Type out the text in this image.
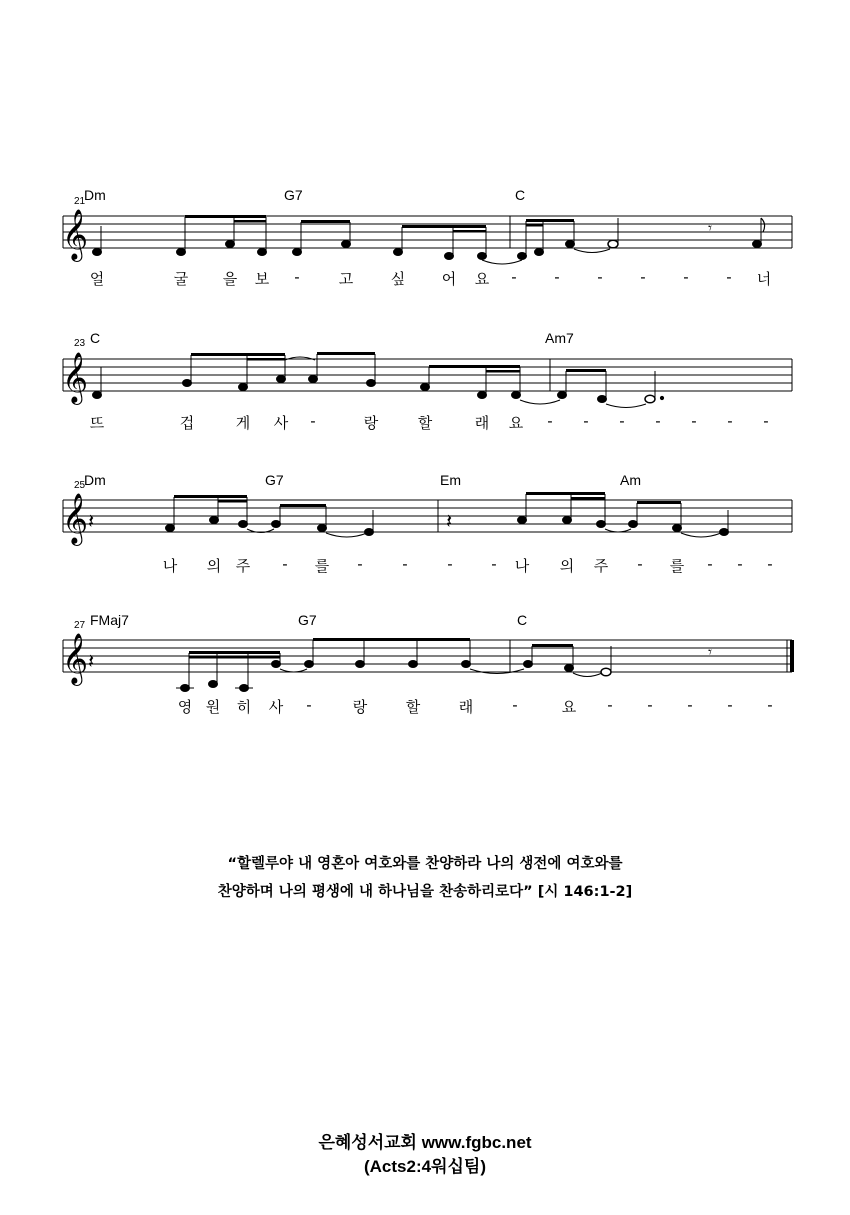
21
Dm	G7	C
𝄞	𝄾
얼	굴 을 보 -	고	싶 어 요 -	-	-	-	-	- 너
23 C	Am7
𝄞
뜨	겁	게 사 -	랑	할	래 요 - - - - - - -
25
Dm	G7	Em	Am
𝄞 𝄽	𝄽
나 의 주 - 를 -	-	-	- 나 의 주 - 를 - - -
27 FMaj7	G7	C
𝄞 𝄽	𝄾
영 원 히 사 -	랑	할	래	-	요 - - - - -
“할렐루야 내 영혼아 여호와를 찬양하라 나의 생전에 여호와를
찬양하며 나의 평생에 내 하나님을 찬송하리로다” [시 146:1-2]
은혜성서교회 www.fgbc.net
(Acts2:4워십팀)
